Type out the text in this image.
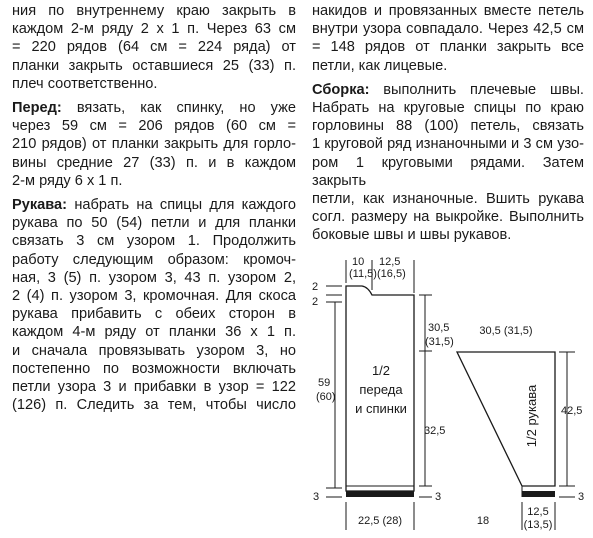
ния по внутреннему краю закрыть в
каждом 2-м ряду 2 х 1 п. Через 63 см
= 220 рядов (64 см = 224 ряда) от
планки закрыть оставшиеся 25 (33) п.
плеч соответственно.
Перед: вязать, как спинку, но уже
через 59 см = 206 рядов (60 см =
210 рядов) от планки закрыть для горло-
вины средние 27 (33) п. и в каждом
2-м ряду 6 х 1 п.
Рукава: набрать на спицы для каждого
рукава по 50 (54) петли и для планки
связать 3 см узором 1. Продолжить
работу следующим образом: кромоч-
ная, 3 (5) п. узором 3, 43 п. узором 2,
2 (4) п. узором 3, кромочная. Для скоса
рукава прибавить с обеих сторон в
каждом 4-м ряду от планки 36 х 1 п.
и сначала провязывать узором 3, но
постепенно по возможности включать
петли узора 3 и прибавки в узор = 122
(126) п. Следить за тем, чтобы число
накидов и провязанных вместе петель
внутри узора совпадало. Через 42,5 см
= 148 рядов от планки закрыть все
петли, как лицевые.
Сборка: выполнить плечевые швы.
Набрать на круговые спицы по краю
горловины 88 (100) петель, связать
1 круговой ряд изнаночными и 3 см узо-
ром 1 круговыми рядами. Затем закрыть
петли, как изнаночные. Вшить рукава
согл. размеру на выкройке. Выполнить
боковые швы и швы рукавов.
10
(11,5)
12,5
(16,5)
2
2
59
(60)
1/2
переда
и спинки
30,5
(31,5)
32,5
3	3
22,5 (28)
30,5 (31,5)
1/2 рукава 42,5
3
18
12,5
(13,5)
